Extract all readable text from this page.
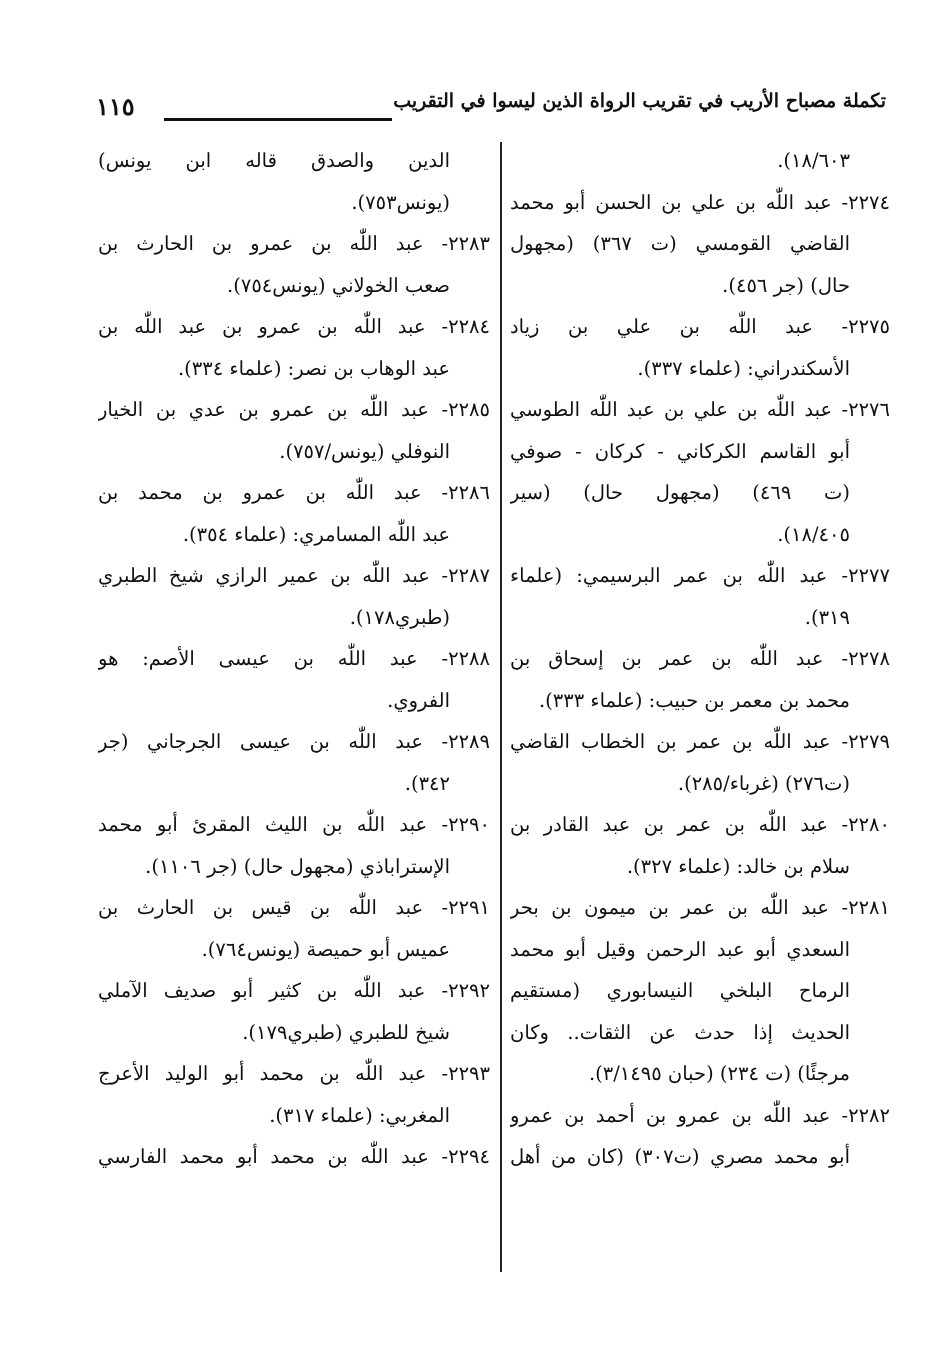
١١٥	تكملة مصباح الأريب في تقريب الرواة الذين ليسوا في التقريب
١٨/٦٠٣).
٢٢٧٤- عبد اللّٰه بن علي بن الحسن أبو محمد
القاضي القومسي (ت ٣٦٧) (مجهول
حال) (جر ٤٥٦).
٢٢٧٥- عبد اللّٰه بن علي بن زياد
الأسكندراني: (علماء ٣٣٧).
٢٢٧٦- عبد اللّٰه بن علي بن عبد اللّٰه الطوسي
أبو القاسم الكركاني - كركان - صوفي
(ت ٤٦٩) (مجهول حال) (سير
١٨/٤٠٥).
٢٢٧٧- عبد اللّٰه بن عمر البرسيمي: (علماء
٣١٩).
٢٢٧٨- عبد اللّٰه بن عمر بن إسحاق بن
محمد بن معمر بن حبيب: (علماء ٣٣٣).
٢٢٧٩- عبد اللّٰه بن عمر بن الخطاب القاضي
(ت٢٧٦) (غرباء/٢٨٥).
٢٢٨٠- عبد اللّٰه بن عمر بن عبد القادر بن
سلام بن خالد: (علماء ٣٢٧).
٢٢٨١- عبد اللّٰه بن عمر بن ميمون بن بحر
السعدي أبو عبد الرحمن وقيل أبو محمد
الرماح البلخي النيسابوري (مستقيم
الحديث إذا حدث عن الثقات.. وكان
مرجئًا) (ت ٢٣٤) (حبان ٣/١٤٩٥).
٢٢٨٢- عبد اللّٰه بن عمرو بن أحمد بن عمرو
أبو محمد مصري (ت٣٠٧) (كان من أهل
الدين والصدق قاله ابن يونس)
(يونس٧٥٣).
٢٢٨٣- عبد اللّٰه بن عمرو بن الحارث بن
صعب الخولاني (يونس٧٥٤).
٢٢٨٤- عبد اللّٰه بن عمرو بن عبد اللّٰه بن
عبد الوهاب بن نصر: (علماء ٣٣٤).
٢٢٨٥- عبد اللّٰه بن عمرو بن عدي بن الخيار
النوفلي (يونس/٧٥٧).
٢٢٨٦- عبد اللّٰه بن عمرو بن محمد بن
عبد اللّٰه المسامري: (علماء ٣٥٤).
٢٢٨٧- عبد اللّٰه بن عمير الرازي شيخ الطبري
(طبري١٧٨).
٢٢٨٨- عبد اللّٰه بن عيسى الأصم: هو
الفروي.
٢٢٨٩- عبد اللّٰه بن عيسى الجرجاني (جر
٣٤٢).
٢٢٩٠- عبد اللّٰه بن الليث المقرئ أبو محمد
الإستراباذي (مجهول حال) (جر ١١٠٦).
٢٢٩١- عبد اللّٰه بن قيس بن الحارث بن
عميس أبو حميصة (يونس٧٦٤).
٢٢٩٢- عبد اللّٰه بن كثير أبو صديف الآملي
شيخ للطبري (طبري١٧٩).
٢٢٩٣- عبد اللّٰه بن محمد أبو الوليد الأعرج
المغربي: (علماء ٣١٧).
٢٢٩٤- عبد اللّٰه بن محمد أبو محمد الفارسي
